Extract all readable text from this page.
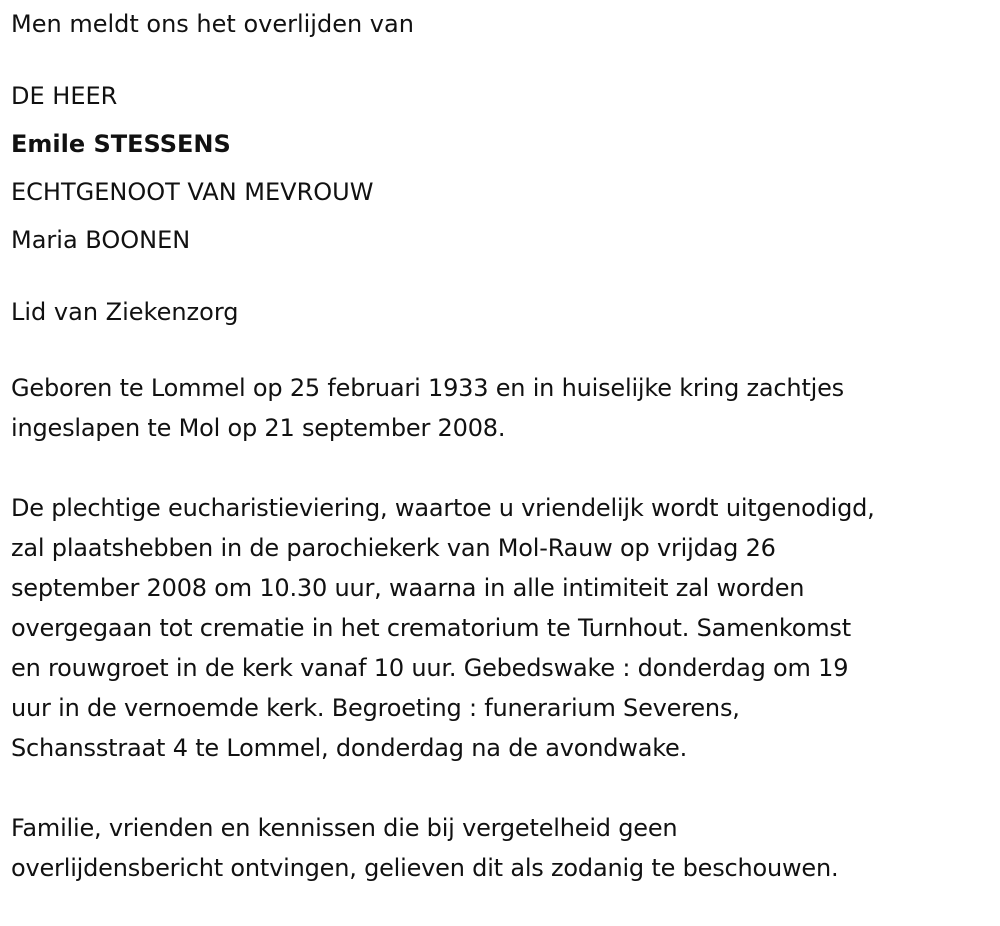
Men meldt ons het overlijden van

DE HEER

Emile STESSENS

ECHTGENOOT VAN MEVROUW

Maria BOONEN

Lid van Ziekenzorg

Geboren te Lommel op 25 februari 1933 en in huiselijke kring zachtjes
ingeslapen te Mol op 21 september 2008.

De plechtige eucharistieviering, waartoe u vriendelijk wordt uitgenodigd,
zal plaatshebben in de parochiekerk van Mol-Rauw op vrijdag 26
september 2008 om 10.30 uur, waarna in alle intimiteit zal worden
overgegaan tot crematie in het crematorium te Turnhout. Samenkomst
en rouwgroet in de kerk vanaf 10 uur. Gebedswake : donderdag om 19
uur in de vernoemde kerk. Begroeting : funerarium Severens,
Schansstraat 4 te Lommel, donderdag na de avondwake.

Familie, vrienden en kennissen die bij vergetelheid geen
overlijdensbericht ontvingen, gelieven dit als zodanig te beschouwen.
